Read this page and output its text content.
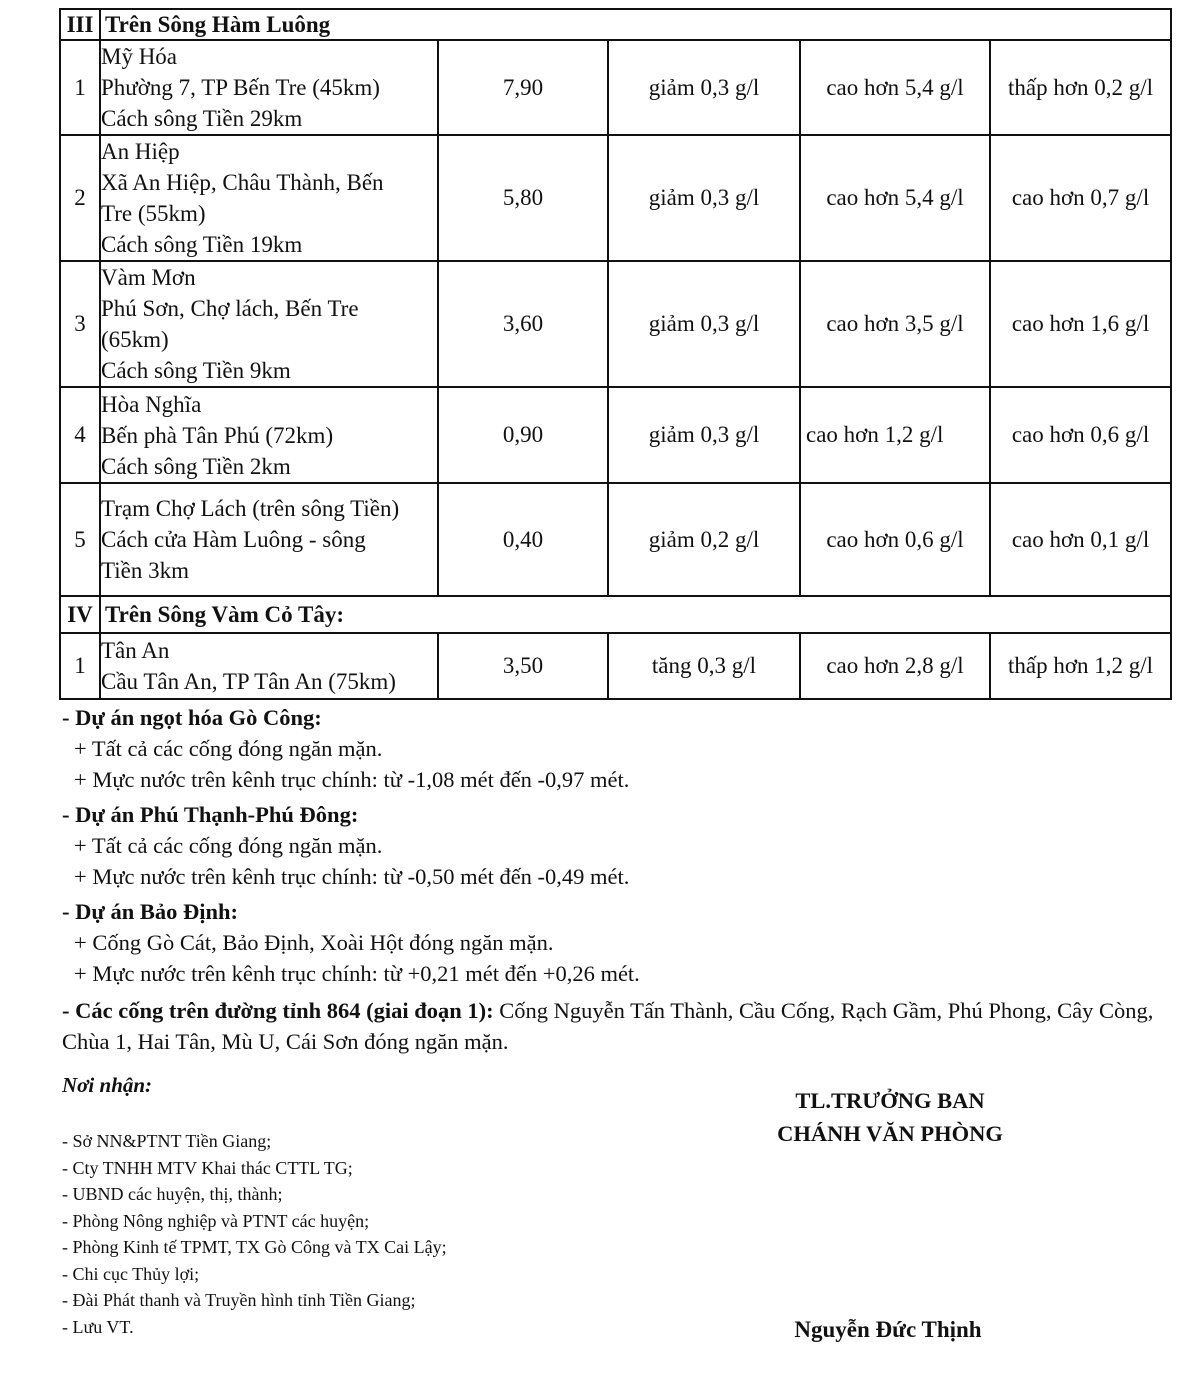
III	Trên Sông Hàm Luông				
1	Mỹ Hóa
Phường 7, TP Bến Tre (45km)
Cách sông Tiền 29km	7,90	giảm 0,3 g/l	cao hơn 5,4 g/l	thấp hơn 0,2 g/l
2	An Hiệp
Xã An Hiệp, Châu Thành, Bến
Tre (55km)
Cách sông Tiền 19km	5,80	giảm 0,3 g/l	cao hơn 5,4 g/l	cao hơn 0,7 g/l
3	Vàm Mơn
Phú Sơn, Chợ lách, Bến Tre
(65km)
Cách sông Tiền 9km	3,60	giảm 0,3 g/l	cao hơn 3,5 g/l	cao hơn 1,6 g/l
4	Hòa Nghĩa
Bến phà Tân Phú (72km)
Cách sông Tiền 2km	0,90	giảm 0,3 g/l	cao hơn 1,2 g/l	cao hơn 0,6 g/l
5	Trạm Chợ Lách (trên sông Tiền)
Cách cửa Hàm Luông - sông
Tiền 3km	0,40	giảm 0,2 g/l	cao hơn 0,6 g/l	cao hơn 0,1 g/l
IV	Trên Sông Vàm Cỏ Tây:				
1	Tân An
Cầu Tân An, TP Tân An (75km)	3,50	tăng 0,3 g/l	cao hơn 2,8 g/l	thấp hơn 1,2 g/l
- Dự án ngọt hóa Gò Công:
+ Tất cả các cống đóng ngăn mặn.
+ Mực nước trên kênh trục chính: từ -1,08 mét đến -0,97 mét.
- Dự án Phú Thạnh-Phú Đông:
+ Tất cả các cống đóng ngăn mặn.
+ Mực nước trên kênh trục chính: từ -0,50 mét đến -0,49 mét.
- Dự án Bảo Định:
+ Cống Gò Cát, Bảo Định, Xoài Hột đóng ngăn mặn.
+ Mực nước trên kênh trục chính: từ +0,21 mét đến +0,26 mét.
- Các cống trên đường tỉnh 864 (giai đoạn 1): Cống Nguyễn Tấn Thành, Cầu Cống, Rạch Gầm, Phú Phong, Cây Còng, Chùa 1, Hai Tân, Mù U, Cái Sơn đóng ngăn mặn.
Nơi nhận:
- Sở NN&PTNT Tiền Giang;
- Cty TNHH MTV Khai thác CTTL TG;
- UBND các huyện, thị, thành;
- Phòng Nông nghiệp và PTNT các huyện;
- Phòng Kinh tế TPMT, TX Gò Công và TX Cai Lậy;
- Chi cục Thủy lợi;
- Đài Phát thanh và Truyền hình tỉnh Tiền Giang;
- Lưu VT.
TL.TRƯỞNG BAN
CHÁNH VĂN PHÒNG
Nguyễn Đức Thịnh
